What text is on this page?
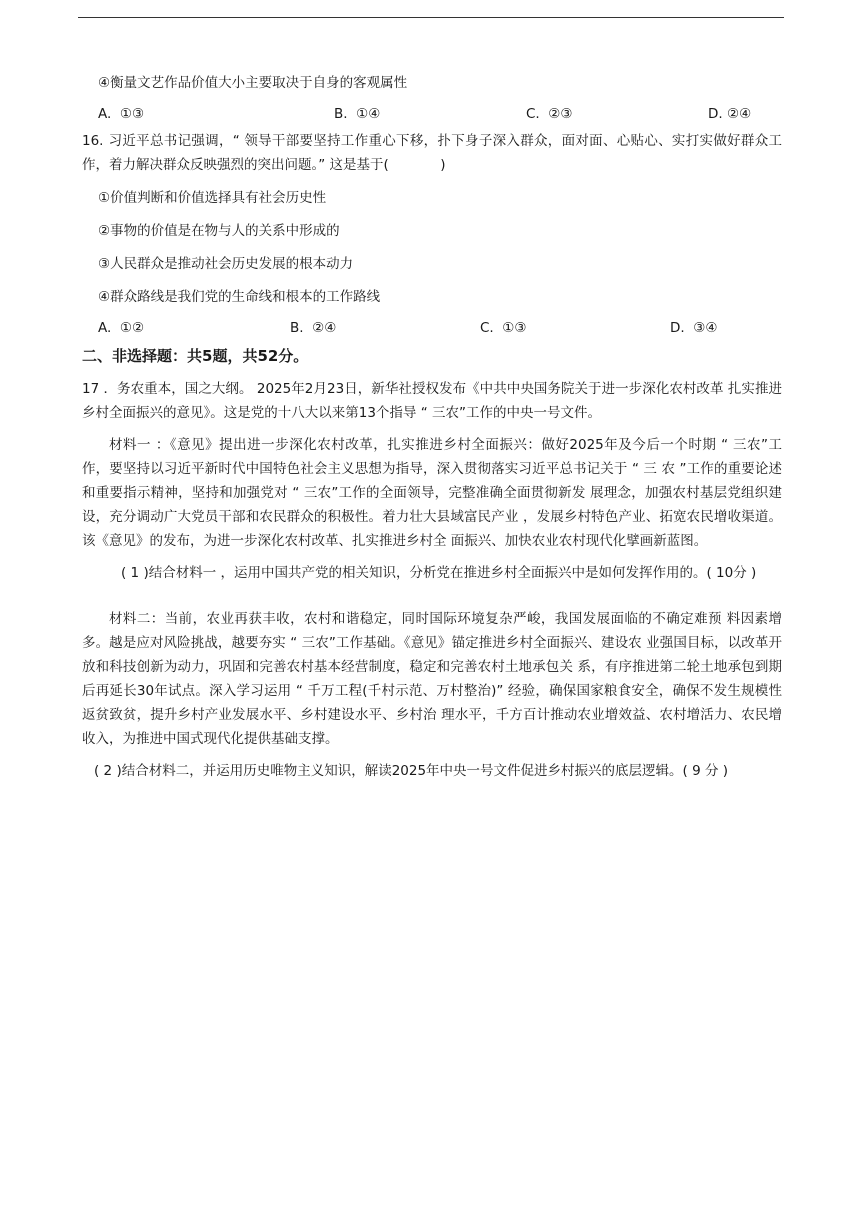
④衡量文艺作品价值大小主要取决于自身的客观属性
A.  ①③	B.  ①④	C.  ②③	D. ②④
16. 习近平总书记强调，“ 领导干部要坚持工作重心下移，扑下身子深入群众，面对面、心贴心、实打实做好群众工作，着力解决群众反映强烈的突出问题。” 这是基于(            )
①价值判断和价值选择具有社会历史性
②事物的价值是在物与人的关系中形成的
③人民群众是推动社会历史发展的根本动力
④群众路线是我们党的生命线和根本的工作路线
A.  ①②	B.  ②④	C.  ①③	D.  ③④
二、非选择题：共5题，共52分。
17 ．务农重本，国之大纲。 2025年2月23日，新华社授权发布《中共中央国务院关于进一步深化农村改革 扎实推进乡村全面振兴的意见》。这是党的十八大以来第13个指导 “ 三农”工作的中央一号文件。
材料一 ：《意见》提出进一步深化农村改革，扎实推进乡村全面振兴：做好2025年及今后一个时期 “ 三农”工作，要坚持以习近平新时代中国特色社会主义思想为指导，深入贯彻落实习近平总书记关于 “ 三 农 ”工作的重要论述和重要指示精神，坚持和加强党对 “ 三农”工作的全面领导，完整准确全面贯彻新发 展理念，加强农村基层党组织建设，充分调动广大党员干部和农民群众的积极性。着力壮大县域富民产业 ，发展乡村特色产业、拓宽农民增收渠道。该《意见》的发布，为进一步深化农村改革、扎实推进乡村全 面振兴、加快农业农村现代化擘画新蓝图。
( 1 )结合材料一 ，运用中国共产党的相关知识，分析党在推进乡村全面振兴中是如何发挥作用的。( 10分 )
材料二：当前，农业再获丰收，农村和谐稳定，同时国际环境复杂严峻，我国发展面临的不确定难预 料因素增多。越是应对风险挑战，越要夯实 “ 三农”工作基础。《意见》锚定推进乡村全面振兴、建设农 业强国目标，以改革开放和科技创新为动力，巩固和完善农村基本经营制度，稳定和完善农村土地承包关 系，有序推进第二轮土地承包到期后再延长30年试点。深入学习运用 “ 千万工程(千村示范、万村整治)” 经验，确保国家粮食安全，确保不发生规模性返贫致贫，提升乡村产业发展水平、乡村建设水平、乡村治 理水平，千方百计推动农业增效益、农村增活力、农民增收入，为推进中国式现代化提供基础支撑。
( 2 )结合材料二，并运用历史唯物主义知识，解读2025年中央一号文件促进乡村振兴的底层逻辑。( 9 分 )
